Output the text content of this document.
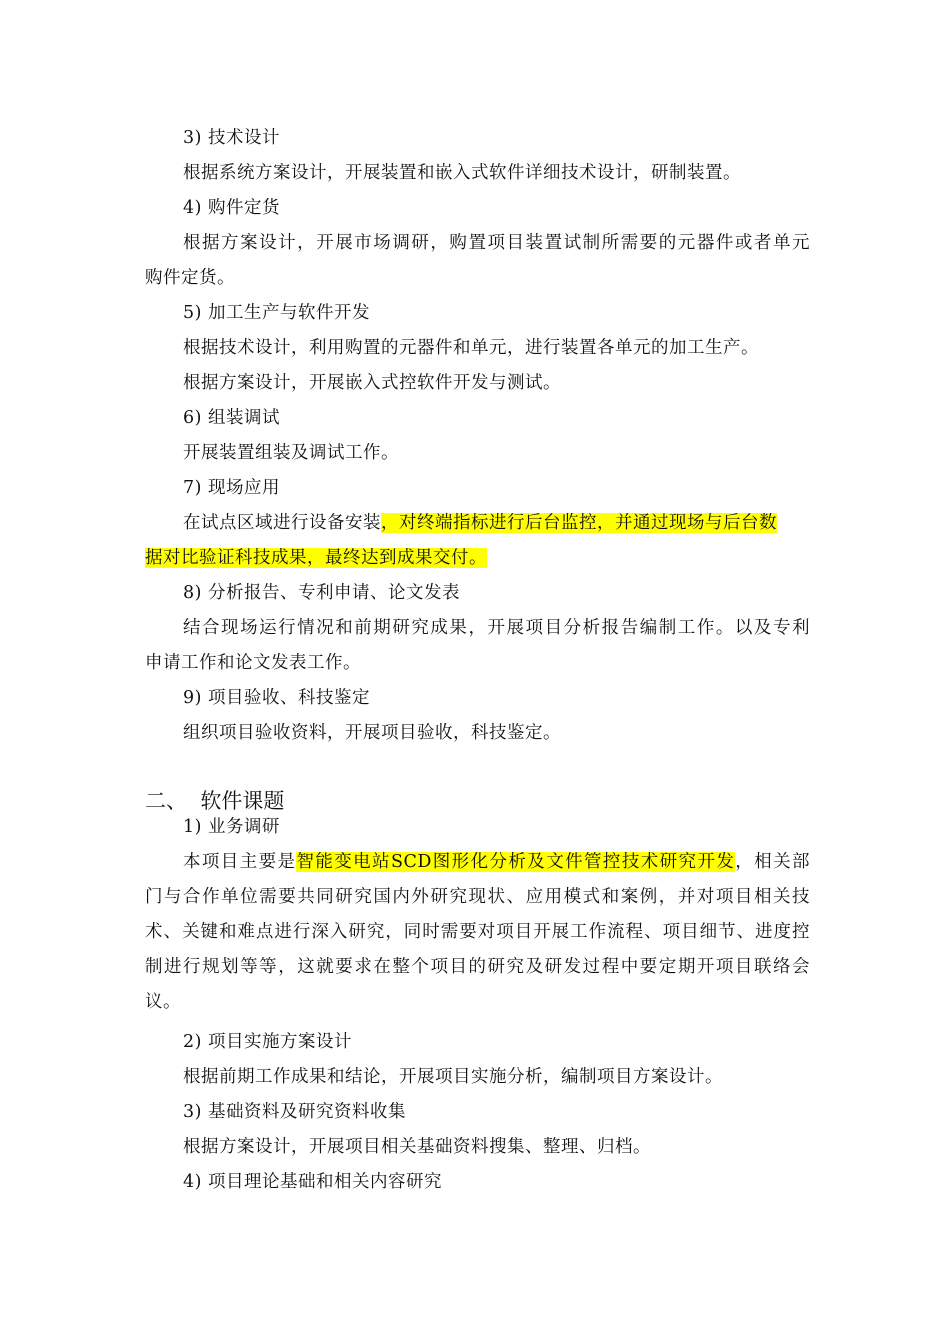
3) 技术设计
根据系统方案设计，开展装置和嵌入式软件详细技术设计，研制装置。
4) 购件定货
根据方案设计，开展市场调研，购置项目装置试制所需要的元器件或者单元
购件定货。
5) 加工生产与软件开发
根据技术设计，利用购置的元器件和单元，进行装置各单元的加工生产。
根据方案设计，开展嵌入式控软件开发与测试。
6) 组装调试
开展装置组装及调试工作。
7) 现场应用
在试点区域进行设备安装，对终端指标进行后台监控，并通过现场与后台数
据对比验证科技成果，最终达到成果交付。
8) 分析报告、专利申请、论文发表
结合现场运行情况和前期研究成果，开展项目分析报告编制工作。以及专利
申请工作和论文发表工作。
9) 项目验收、科技鉴定
组织项目验收资料，开展项目验收，科技鉴定。
二、  软件课题
1) 业务调研
本项目主要是智能变电站SCD图形化分析及文件管控技术研究开发，相关部
门与合作单位需要共同研究国内外研究现状、应用模式和案例，并对项目相关技
术、关键和难点进行深入研究，同时需要对项目开展工作流程、项目细节、进度控
制进行规划等等，这就要求在整个项目的研究及研发过程中要定期开项目联络会
议。
2) 项目实施方案设计
根据前期工作成果和结论，开展项目实施分析，编制项目方案设计。
3) 基础资料及研究资料收集
根据方案设计，开展项目相关基础资料搜集、整理、归档。
4) 项目理论基础和相关内容研究
